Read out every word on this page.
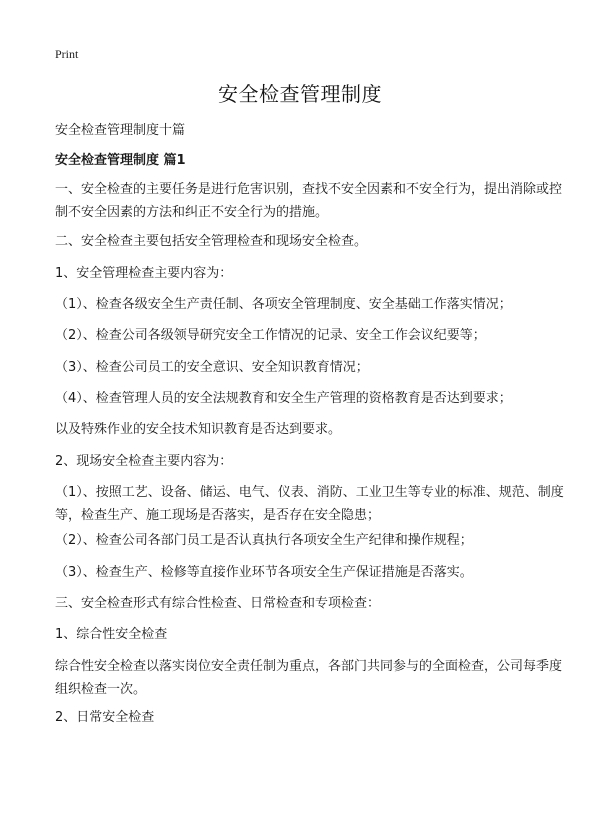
Print
安全检查管理制度

安全检查管理制度十篇

安全检查管理制度 篇1

一、安全检查的主要任务是进行危害识别，查找不安全因素和不安全行为，提出消除或控制不安全因素的方法和纠正不安全行为的措施。

二、安全检查主要包括安全管理检查和现场安全检查。

1、安全管理检查主要内容为：

（1）、检查各级安全生产责任制、各项安全管理制度、安全基础工作落实情况；

（2）、检查公司各级领导研究安全工作情况的记录、安全工作会议纪要等；

（3）、检查公司员工的安全意识、安全知识教育情况；

（4）、检查管理人员的安全法规教育和安全生产管理的资格教育是否达到要求；

以及特殊作业的安全技术知识教育是否达到要求。

2、现场安全检查主要内容为：

（1）、按照工艺、设备、储运、电气、仪表、消防、工业卫生等专业的标准、规范、制度等，检查生产、施工现场是否落实，是否存在安全隐患；

（2）、检查公司各部门员工是否认真执行各项安全生产纪律和操作规程；

（3）、检查生产、检修等直接作业环节各项安全生产保证措施是否落实。

三、安全检查形式有综合性检查、日常检查和专项检查：

1、综合性安全检查

综合性安全检查以落实岗位安全责任制为重点，各部门共同参与的全面检查，公司每季度组织检查一次。

2、日常安全检查
